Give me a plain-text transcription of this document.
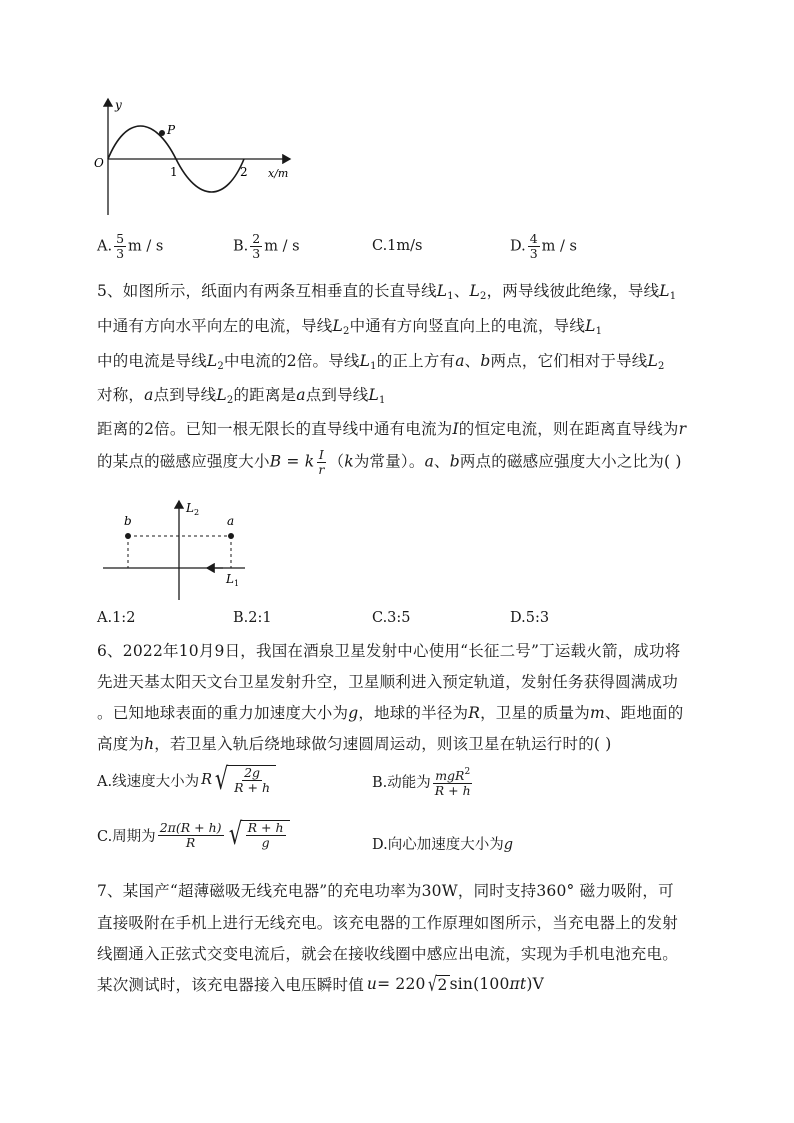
y
O
P
1	2 x/m
A. $\frac{5}{3}$ m / s	B. $\frac{2}{3}$ m / s	C.1m/s	D. $\frac{4}{3}$ m / s
5、如图所示，纸面内有两条互相垂直的长直导线$L_1$、$L_2$，两导线彼此绝缘，导线$L_1$
中通有方向水平向左的电流，导线$L_2$中通有方向竖直向上的电流，导线$L_1$
中的电流是导线$L_2$中电流的2倍。导线$L_1$的正上方有a、b两点，它们相对于导线$L_2$
对称，a点到导线$L_2$的距离是a点到导线$L_1$
距离的2倍。已知一根无限长的直导线中通有电流为I的恒定电流，则在距离直导线为r
的某点的磁感应强度大小B = k $\frac{I}{r} (k$为常量）。a、b两点的磁感应强度大小之比为( )
b	a
$L_2$
$L_1$
A.1:2	B.2:1	C.3:5	D.5:3
6、2022年10月9日，我国在酒泉卫星发射中心使用“长征二号”丁运载火箭，成功将
先进天基太阳天文台卫星发射升空，卫星顺利进入预定轨道，发射任务获得圆满成功
。已知地球表面的重力加速度大小为g，地球的半径为R，卫星的质量为m、距地面的
高度为h，若卫星入轨后绕地球做匀速圆周运动，则该卫星在轨运行时的( )
A.线速度大小为 R √ $\frac{2g}{R + h}$	B.动能为 $\frac{mgR^2}{R + h}$
C.周期为 $\frac{2\pi(R + h)}{R}$ √ $\frac{R + h}{g}$	D.向心加速度大小为g
7、某国产“超薄磁吸无线充电器”的充电功率为30W，同时支持360° 磁力吸附，可
直接吸附在手机上进行无线充电。该充电器的工作原理如图所示，当充电器上的发射
线圈通入正弦式交变电流后，就会在接收线圈中感应出电流，实现为手机电池充电。
某次测试时，该充电器接入电压瞬时值 u = 220 √ 2 sin(100 πt )V
